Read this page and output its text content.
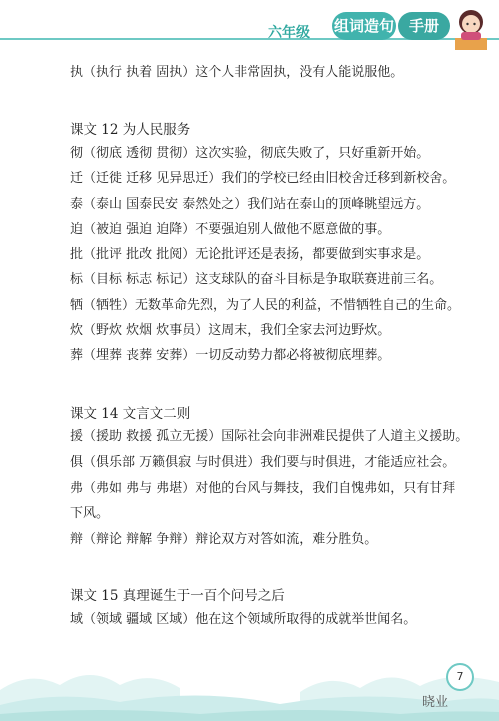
六年级 组词造句 手册
执（执行 执着 固执）这个人非常固执，没有人能说服他。
课文 12 为人民服务
彻（彻底 透彻 贯彻）这次实验，彻底失败了，只好重新开始。
迁（迁徙 迁移 见异思迁）我们的学校已经由旧校舍迁移到新校舍。
泰（泰山 国泰民安 泰然处之）我们站在泰山的顶峰眺望远方。
迫（被迫 强迫 迫降）不要强迫别人做他不愿意做的事。
批（批评 批改 批阅）无论批评还是表扬，都要做到实事求是。
标（目标 标志 标记）这支球队的奋斗目标是争取联赛进前三名。
牺（牺牲）无数革命先烈，为了人民的利益，不惜牺牲自己的生命。
炊（野炊 炊烟 炊事员）这周末，我们全家去河边野炊。
葬（埋葬 丧葬 安葬）一切反动势力都必将被彻底埋葬。
课文 14 文言文二则
援（援助 救援 孤立无援）国际社会向非洲难民提供了人道主义援助。
俱（俱乐部 万籁俱寂 与时俱进）我们要与时俱进，才能适应社会。
弗（弗如 弗与 弗堪）对他的台风与舞技，我们自愧弗如，只有甘拜
下风。
辩（辩论 辩解 争辩）辩论双方对答如流，难分胜负。
课文 15 真理诞生于一百个问号之后
域（领域 疆域 区域）他在这个领域所取得的成就举世闻名。
7
晓业
